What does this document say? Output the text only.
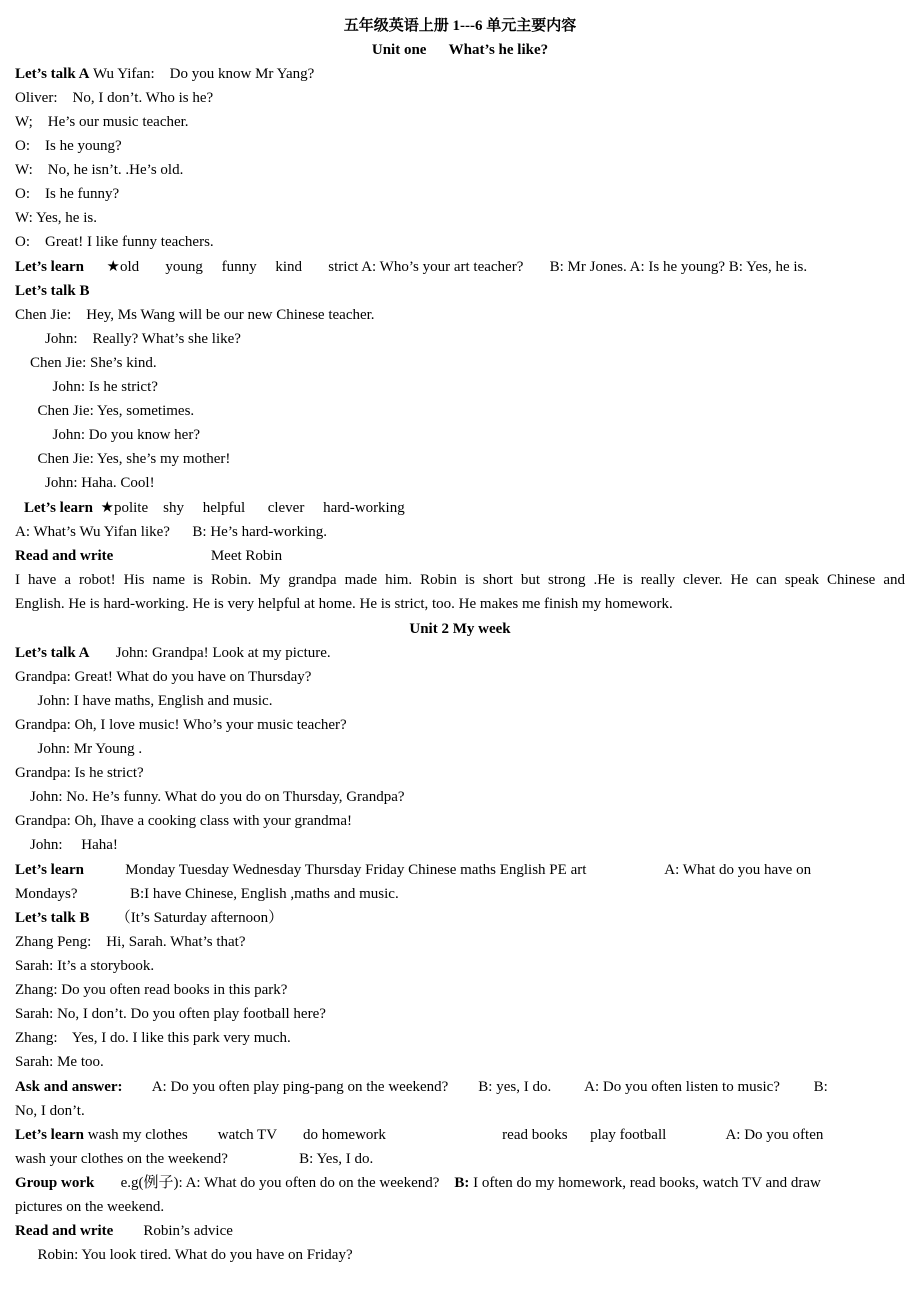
五年级英语上册 1---6 单元主要内容
Unit one      What’s he like?
Let’s talk A Wu Yifan:    Do you know Mr Yang?
Oliver:    No, I don’t. Who is he?
W;    He’s our music teacher.
O:    Is he young?
W:    No, he isn’t. .He’s old.
O:    Is he funny?
W: Yes, he is.
O:    Great! I like funny teachers.
Let’s learn      ★old       young     funny     kind       strict A: Who’s your art teacher?       B: Mr Jones. A: Is he young? B: Yes, he is.
Let’s talk B
Chen Jie:    Hey, Ms Wang will be our new Chinese teacher.
John:    Really? What’s she like?
Chen Jie: She’s kind.
John: Is he strict?
Chen Jie: Yes, sometimes.
John: Do you know her?
Chen Jie: Yes, she’s my mother!
John: Haha. Cool!
Let’s learn  ★polite    shy     helpful      clever     hard-working
A: What’s Wu Yifan like?      B: He’s hard-working.
Read and write                          Meet Robin
I have a robot! His name is Robin. My grandpa made him. Robin is short but strong .He is really clever. He can speak Chinese and
English. He is hard-working. He is very helpful at home. He is strict, too. He makes me finish my homework.
Unit 2 My week
Let’s talk A       John: Grandpa! Look at my picture.
Grandpa: Great! What do you have on Thursday?
John: I have maths, English and music.
Grandpa: Oh, I love music! Who’s your music teacher?
John: Mr Young .
Grandpa: Is he strict?
John: No. He’s funny. What do you do on Thursday, Grandpa?
Grandpa: Oh, Ihave a cooking class with your grandma!
John:     Haha!
Let’s learn           Monday Tuesday Wednesday Thursday Friday Chinese maths English PE art                     A: What do you have on
Mondays?              B:I have Chinese, English ,maths and music.
Let’s talk B       （It’s Saturday afternoon）
Zhang Peng:    Hi, Sarah. What’s that?
Sarah: It’s a storybook.
Zhang: Do you often read books in this park?
Sarah: No, I don’t. Do you often play football here?
Zhang:    Yes, I do. I like this park very much.
Sarah: Me too.
Ask and answer:        A: Do you often play ping-pang on the weekend?        B: yes, I do.         A: Do you often listen to music?         B:
No, I don’t.
Let’s learn wash my clothes        watch TV       do homework                               read books      play football                A: Do you often
wash your clothes on the weekend?                   B: Yes, I do.
Group work       e.g(例子): A: What do you often do on the weekend?    B: I often do my homework, read books, watch TV and draw
pictures on the weekend.
Read and write        Robin’s advice
Robin: You look tired. What do you have on Friday?
